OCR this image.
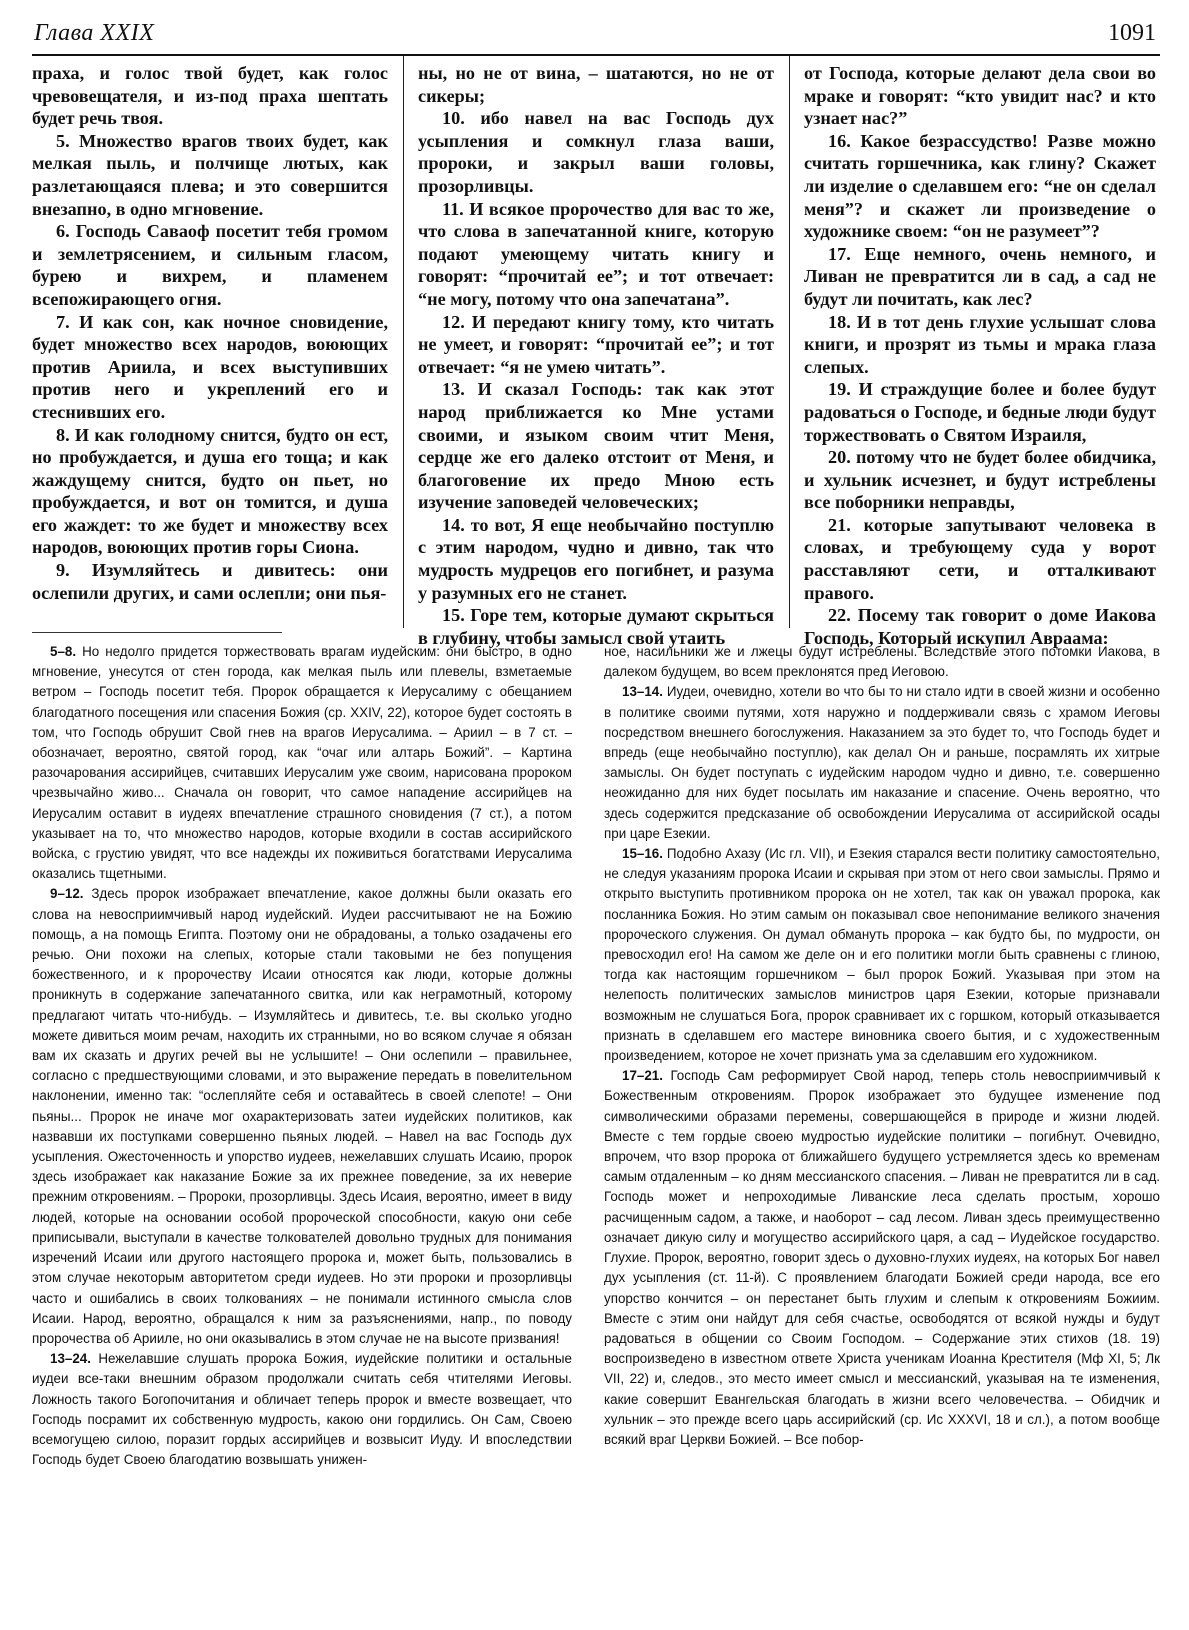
Глава XXIX	1091

праха, и голос твой будет, как голос чревовещателя, и из-под праха шептать будет речь твоя.

5. Множество врагов твоих будет, как мелкая пыль, и полчище лютых, как разлетающаяся плева; и это совершится внезапно, в одно мгновение.

6. Господь Саваоф посетит тебя громом и землетрясением, и сильным гласом, бурею и вихрем, и пламенем всепожирающего огня.

7. И как сон, как ночное сновидение, будет множество всех народов, воюющих против Ариила, и всех выступивших против него и укреплений его и стеснивших его.

8. И как голодному снится, будто он ест, но пробуждается, и душа его тоща; и как жаждущему снится, будто он пьет, но пробуждается, и вот он томится, и душа его жаждет: то же будет и множеству всех народов, воюющих против горы Сиона.

9. Изумляйтесь и дивитесь: они ослепили других, и сами ослепли; они пья-

ны, но не от вина, – шатаются, но не от сикеры;

10. ибо навел на вас Господь дух усыпления и сомкнул глаза ваши, пророки, и закрыл ваши головы, прозорливцы.

11. И всякое пророчество для вас то же, что слова в запечатанной книге, которую подают умеющему читать книгу и говорят: “прочитай ее”; и тот отвечает: “не могу, потому что она запечатана”.

12. И передают книгу тому, кто читать не умеет, и говорят: “прочитай ее”; и тот отвечает: “я не умею читать”.

13. И сказал Господь: так как этот народ приближается ко Мне устами своими, и языком своим чтит Меня, сердце же его далеко отстоит от Меня, и благоговение их предо Мною есть изучение заповедей человеческих;

14. то вот, Я еще необычайно поступлю с этим народом, чудно и дивно, так что мудрость мудрецов его погибнет, и разума у разумных его не станет.

15. Горе тем, которые думают скрыться в глубину, чтобы замысл свой утаить

от Господа, которые делают дела свои во мраке и говорят: “кто увидит нас? и кто узнает нас?”

16. Какое безрассудство! Разве можно считать горшечника, как глину? Скажет ли изделие о сделавшем его: “не он сделал меня”? и скажет ли произведение о художнике своем: “он не разумеет”?

17. Еще немного, очень немного, и Ливан не превратится ли в сад, а сад не будут ли почитать, как лес?

18. И в тот день глухие услышат слова книги, и прозрят из тьмы и мрака глаза слепых.

19. И страждущие более и более будут радоваться о Господе, и бедные люди будут торжествовать о Святом Израиля,

20. потому что не будет более обидчика, и хульник исчезнет, и будут истреблены все поборники неправды,

21. которые запутывают человека в словах, и требующему суда у ворот расставляют сети, и отталкивают правого.

22. Посему так говорит о доме Иакова Господь, Который искупил Авраама:

5–8. Но недолго придется торжествовать врагам иудейским: они быстро, в одно мгновение, унесутся от стен города, как мелкая пыль или плевелы, взметаемые ветром – Господь посетит тебя. Пророк обращается к Иерусалиму с обещанием благодатного посещения или спасения Божия (ср. XXIV, 22), которое будет состоять в том, что Господь обрушит Свой гнев на врагов Иерусалима. – Ариил – в 7 ст. – обозначает, вероятно, святой город, как “очаг или алтарь Божий”. – Картина разочарования ассирийцев, считавших Иерусалим уже своим, нарисована пророком чрезвычайно живо... Сначала он говорит, что самое нападение ассирийцев на Иерусалим оставит в иудеях впечатление страшного сновидения (7 ст.), а потом указывает на то, что множество народов, которые входили в состав ассирийского войска, с грустию увидят, что все надежды их поживиться богатствами Иерусалима оказались тщетными.

9–12. Здесь пророк изображает впечатление, какое должны были оказать его слова на невосприимчивый народ иудейский. Иудеи рассчитывают не на Божию помощь, а на помощь Египта. Поэтому они не обрадованы, а только озадачены его речью. Они похожи на слепых, которые стали таковыми не без попущения божественного, и к пророчеству Исаии относятся как люди, которые должны проникнуть в содержание запечатанного свитка, или как неграмотный, которому предлагают читать что-нибудь. – Изумляйтесь и дивитесь, т.е. вы сколько угодно можете дивиться моим речам, находить их странными, но во всяком случае я обязан вам их сказать и других речей вы не услышите! – Они ослепили – правильнее, согласно с предшествующими словами, и это выражение передать в повелительном наклонении, именно так: “ослепляйте себя и оставайтесь в своей слепоте! – Они пьяны... Пророк не иначе мог охарактеризовать затеи иудейских политиков, как назвавши их поступками совершенно пьяных людей. – Навел на вас Господь дух усыпления. Ожесточенность и упорство иудеев, нежелавших слушать Исаию, пророк здесь изображает как наказание Божие за их прежнее поведение, за их неверие прежним откровениям. – Пророки, прозорливцы. Здесь Исаия, вероятно, имеет в виду людей, которые на основании особой пророческой способности, какую они себе приписывали, выступали в качестве толкователей довольно трудных для понимания изречений Исаии или другого настоящего пророка и, может быть, пользовались в этом случае некоторым авторитетом среди иудеев. Но эти пророки и прозорливцы часто и ошибались в своих толкованиях – не понимали истинного смысла слов Исаии. Народ, вероятно, обращался к ним за разъяснениями, напр., по поводу пророчества об Арииле, но они оказывались в этом случае не на высоте призвания!

13–24. Нежелавшие слушать пророка Божия, иудейские политики и остальные иудеи все-таки внешним образом продолжали считать себя чтителями Иеговы. Ложность такого Богопочитания и обличает теперь пророк и вместе возвещает, что Господь посрамит их собственную мудрость, какою они гордились. Он Сам, Своею всемогущею силою, поразит гордых ассирийцев и возвысит Иуду. И впоследствии Господь будет Своею благодатию возвышать унижен-

ное, насильники же и лжецы будут истреблены. Вследствие этого потомки Иакова, в далеком будущем, во всем преклонятся пред Иеговою.

13–14. Иудеи, очевидно, хотели во что бы то ни стало идти в своей жизни и особенно в политике своими путями, хотя наружно и поддерживали связь с храмом Иеговы посредством внешнего богослужения. Наказанием за это будет то, что Господь будет и впредь (еще необычайно поступлю), как делал Он и раньше, посрамлять их хитрые замыслы. Он будет поступать с иудейским народом чудно и дивно, т.е. совершенно неожиданно для них будет посылать им наказание и спасение. Очень вероятно, что здесь содержится предсказание об освобождении Иерусалима от ассирийской осады при царе Езекии.

15–16. Подобно Ахазу (Ис гл. VII), и Езекия старался вести политику самостоятельно, не следуя указаниям пророка Исаии и скрывая при этом от него свои замыслы. Прямо и открыто выступить противником пророка он не хотел, так как он уважал пророка, как посланника Божия. Но этим самым он показывал свое непонимание великого значения пророческого служения. Он думал обмануть пророка – как будто бы, по мудрости, он превосходил его! На самом же деле он и его политики могли быть сравнены с глиною, тогда как настоящим горшечником – был пророк Божий. Указывая при этом на нелепость политических замыслов министров царя Езекии, которые признавали возможным не слушаться Бога, пророк сравнивает их с горшком, который отказывается признать в сделавшем его мастере виновника своего бытия, и с художественным произведением, которое не хочет признать ума за сделавшим его художником.

17–21. Господь Сам реформирует Свой народ, теперь столь невосприимчивый к Божественным откровениям. Пророк изображает это будущее изменение под символическими образами перемены, совершающейся в природе и жизни людей. Вместе с тем гордые своею мудростью иудейские политики – погибнут. Очевидно, впрочем, что взор пророка от ближайшего будущего устремляется здесь ко временам самым отдаленным – ко дням мессианского спасения. – Ливан не превратится ли в сад. Господь может и непроходимые Ливанские леса сделать простым, хорошо расчищенным садом, а также, и наоборот – сад лесом. Ливан здесь преимущественно означает дикую силу и могущество ассирийского царя, а сад – Иудейское государство. Глухие. Пророк, вероятно, говорит здесь о духовно-глухих иудеях, на которых Бог навел дух усыпления (ст. 11-й). С проявлением благодати Божией среди народа, все его упорство кончится – он перестанет быть глухим и слепым к откровениям Божиим. Вместе с этим они найдут для себя счастье, освободятся от всякой нужды и будут радоваться в общении со Своим Господом. – Содержание этих стихов (18. 19) воспроизведено в известном ответе Христа ученикам Иоанна Крестителя (Мф XI, 5; Лк VII, 22) и, следов., это место имеет смысл и мессианский, указывая на те изменения, какие совершит Евангельская благодать в жизни всего человечества. – Обидчик и хульник – это прежде всего царь ассирийский (ср. Ис XXXVI, 18 и сл.), а потом вообще всякий враг Церкви Божией. – Все побор-
